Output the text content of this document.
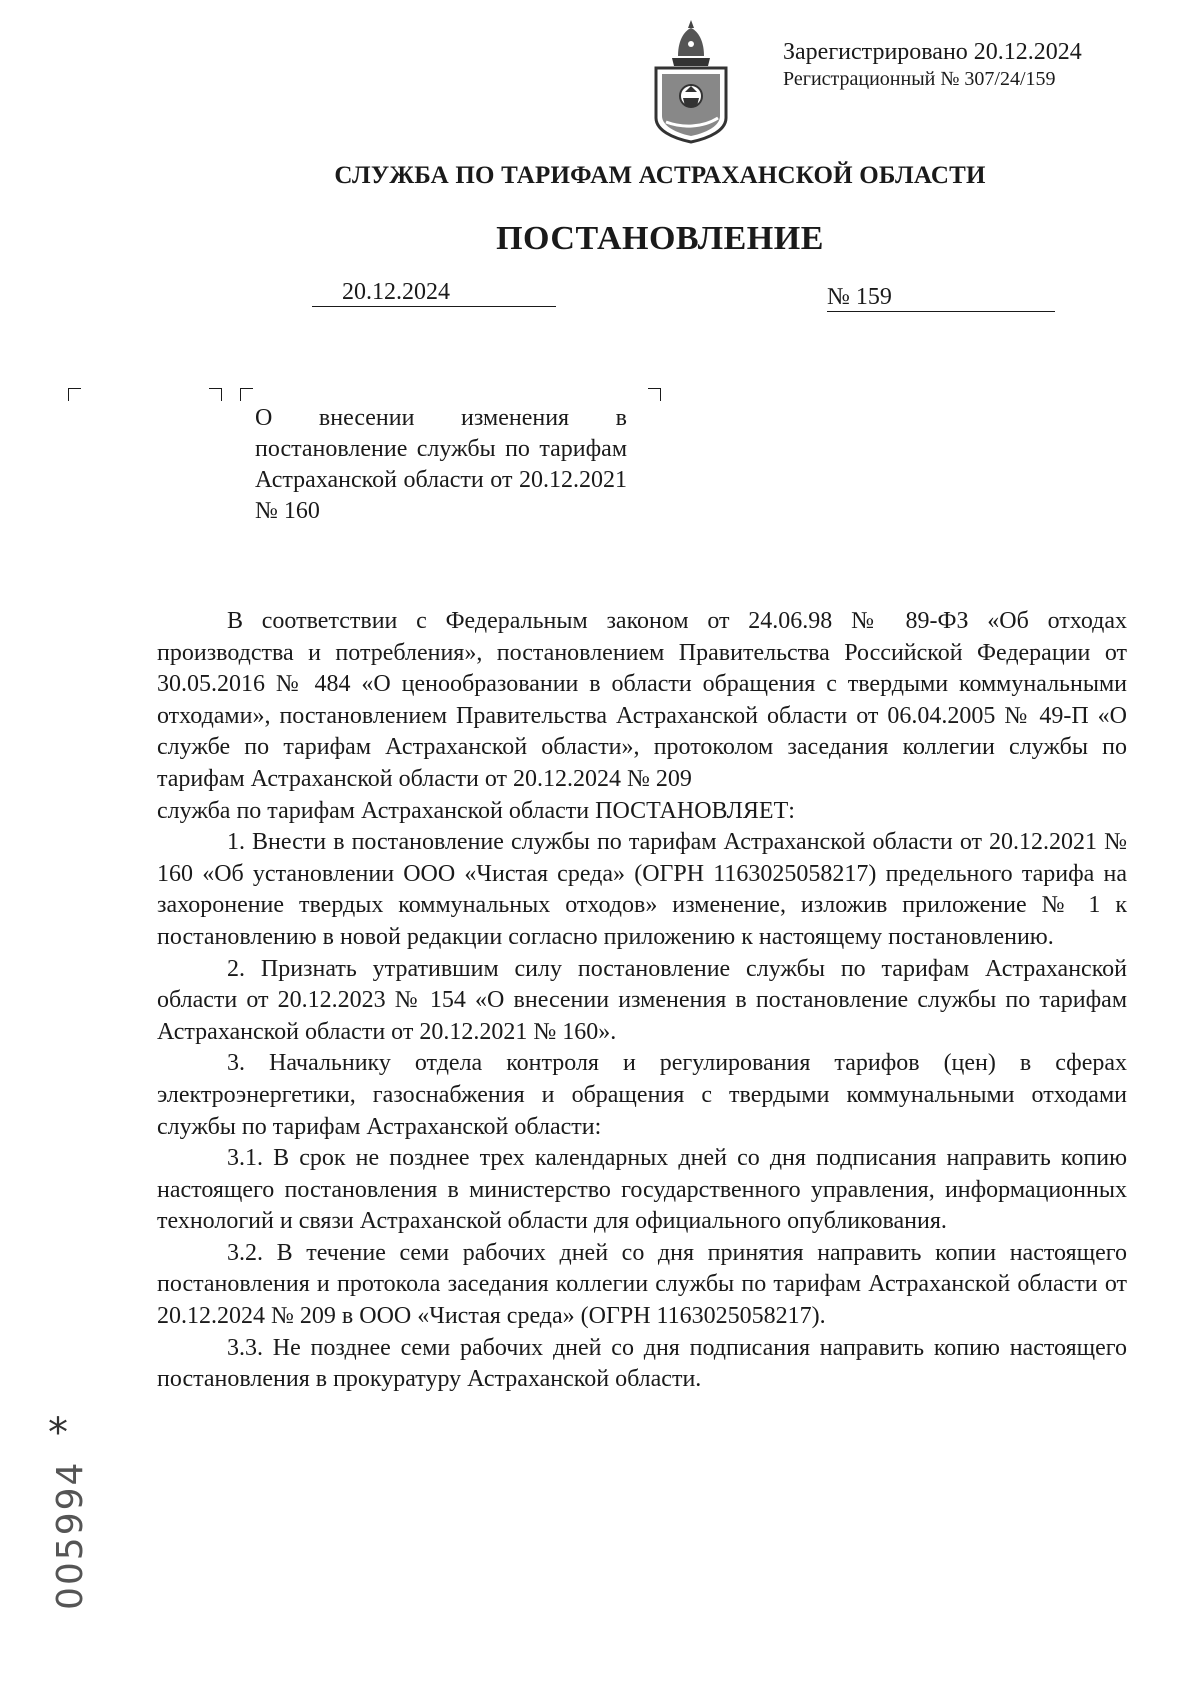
Зарегистрировано 20.12.2024
Регистрационный № 307/24/159
СЛУЖБА ПО ТАРИФАМ АСТРАХАНСКОЙ ОБЛАСТИ
ПОСТАНОВЛЕНИЕ
20.12.2024	№ 159
О внесении изменения в постановление службы по тарифам Астраханской области от 20.12.2021 № 160

В соответствии с Федеральным законом от 24.06.98 № 89-ФЗ «Об отходах производства и потребления», постановлением Правительства Российской Федерации от 30.05.2016 № 484 «О ценообразовании в области обращения с твердыми коммунальными отходами», постановлением Правительства Астраханской области от 06.04.2005 № 49-П «О службе по тарифам Астраханской области», протоколом заседания коллегии службы по тарифам Астраханской области от 20.12.2024 № 209

служба по тарифам Астраханской области ПОСТАНОВЛЯЕТ:

1. Внести в постановление службы по тарифам Астраханской области от 20.12.2021 № 160 «Об установлении ООО «Чистая среда» (ОГРН 1163025058217) предельного тарифа на захоронение твердых коммунальных отходов» изменение, изложив приложение № 1 к постановлению в новой редакции согласно приложению к настоящему постановлению.

2. Признать утратившим силу постановление службы по тарифам Астраханской области от 20.12.2023 № 154 «О внесении изменения в постановление службы по тарифам Астраханской области от 20.12.2021 № 160».

3. Начальнику отдела контроля и регулирования тарифов (цен) в сферах электроэнергетики, газоснабжения и обращения с твердыми коммунальными отходами службы по тарифам Астраханской области:

3.1. В срок не позднее трех календарных дней со дня подписания направить копию настоящего постановления в министерство государственного управления, информационных технологий и связи Астраханской области для официального опубликования.

3.2. В течение семи рабочих дней со дня принятия направить копии настоящего постановления и протокола заседания коллегии службы по тарифам Астраханской области от 20.12.2024 № 209 в ООО «Чистая среда» (ОГРН 1163025058217).

3.3. Не позднее семи рабочих дней со дня подписания направить копию настоящего постановления в прокуратуру Астраханской области.

*
005994
